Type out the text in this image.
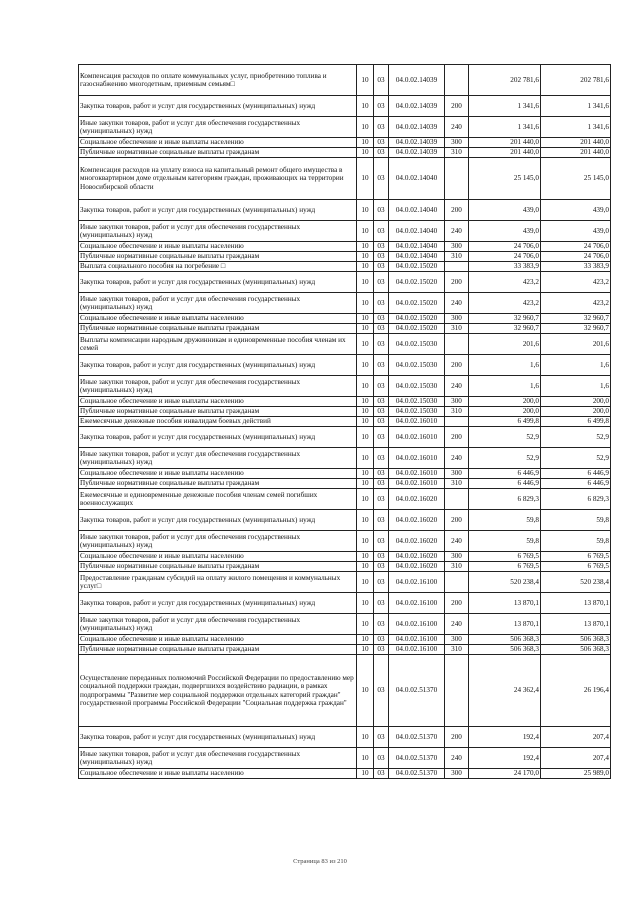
Компенсация расходов по оплате коммунальных услуг, приобретению топлива и газоснабжению многодетным, приемным семьям□	10	03	04.0.02.14039		202 781,6	202 781,6
Закупка товаров, работ и услуг для государственных (муниципальных) нужд	10	03	04.0.02.14039	200	1 341,6	1 341,6
Иные закупки товаров, работ и услуг для обеспечения государственных (муниципальных) нужд	10	03	04.0.02.14039	240	1 341,6	1 341,6
Социальное обеспечение и иные выплаты населению	10	03	04.0.02.14039	300	201 440,0	201 440,0
Публичные нормативные социальные выплаты гражданам	10	03	04.0.02.14039	310	201 440,0	201 440,0
Компенсация расходов на уплату взноса на капитальный ремонт общего имущества в многоквартирном доме отдельным категориям граждан, проживающих на территории Новосибирской области	10	03	04.0.02.14040		25 145,0	25 145,0
Закупка товаров, работ и услуг для государственных (муниципальных) нужд	10	03	04.0.02.14040	200	439,0	439,0
Иные закупки товаров, работ и услуг для обеспечения государственных (муниципальных) нужд	10	03	04.0.02.14040	240	439,0	439,0
Социальное обеспечение и иные выплаты населению	10	03	04.0.02.14040	300	24 706,0	24 706,0
Публичные нормативные социальные выплаты гражданам	10	03	04.0.02.14040	310	24 706,0	24 706,0
Выплата социального пособия на погребение □	10	03	04.0.02.15020		33 383,9	33 383,9
Закупка товаров, работ и услуг для государственных (муниципальных) нужд	10	03	04.0.02.15020	200	423,2	423,2
Иные закупки товаров, работ и услуг для обеспечения государственных (муниципальных) нужд	10	03	04.0.02.15020	240	423,2	423,2
Социальное обеспечение и иные выплаты населению	10	03	04.0.02.15020	300	32 960,7	32 960,7
Публичные нормативные социальные выплаты гражданам	10	03	04.0.02.15020	310	32 960,7	32 960,7
Выплаты компенсации народным дружинникам и единовременные пособия членам их семей	10	03	04.0.02.15030		201,6	201,6
Закупка товаров, работ и услуг для государственных (муниципальных) нужд	10	03	04.0.02.15030	200	1,6	1,6
Иные закупки товаров, работ и услуг для обеспечения государственных (муниципальных) нужд	10	03	04.0.02.15030	240	1,6	1,6
Социальное обеспечение и иные выплаты населению	10	03	04.0.02.15030	300	200,0	200,0
Публичные нормативные социальные выплаты гражданам	10	03	04.0.02.15030	310	200,0	200,0
Ежемесячные денежные пособия инвалидам боевых действий	10	03	04.0.02.16010		6 499,8	6 499,8
Закупка товаров, работ и услуг для государственных (муниципальных) нужд	10	03	04.0.02.16010	200	52,9	52,9
Иные закупки товаров, работ и услуг для обеспечения государственных (муниципальных) нужд	10	03	04.0.02.16010	240	52,9	52,9
Социальное обеспечение и иные выплаты населению	10	03	04.0.02.16010	300	6 446,9	6 446,9
Публичные нормативные социальные выплаты гражданам	10	03	04.0.02.16010	310	6 446,9	6 446,9
Ежемесячные и единовременные денежные пособия членам семей погибших военнослужащих	10	03	04.0.02.16020		6 829,3	6 829,3
Закупка товаров, работ и услуг для государственных (муниципальных) нужд	10	03	04.0.02.16020	200	59,8	59,8
Иные закупки товаров, работ и услуг для обеспечения государственных (муниципальных) нужд	10	03	04.0.02.16020	240	59,8	59,8
Социальное обеспечение и иные выплаты населению	10	03	04.0.02.16020	300	6 769,5	6 769,5
Публичные нормативные социальные выплаты гражданам	10	03	04.0.02.16020	310	6 769,5	6 769,5
Предоставление гражданам субсидий на оплату жилого помещения и коммунальных услуг□	10	03	04.0.02.16100		520 238,4	520 238,4
Закупка товаров, работ и услуг для государственных (муниципальных) нужд	10	03	04.0.02.16100	200	13 870,1	13 870,1
Иные закупки товаров, работ и услуг для обеспечения государственных (муниципальных) нужд	10	03	04.0.02.16100	240	13 870,1	13 870,1
Социальное обеспечение и иные выплаты населению	10	03	04.0.02.16100	300	506 368,3	506 368,3
Публичные нормативные социальные выплаты гражданам	10	03	04.0.02.16100	310	506 368,3	506 368,3
Осуществление переданных полномочий Российской Федерации по предоставлению мер социальной поддержки граждан, подвергшихся воздействию радиации, в рамках подпрограммы "Развитие мер социальной поддержки отдельных категорий граждан" государственной программы Российской Федерации "Социальная поддержка граждан"	10	03	04.0.02.51370		24 362,4	26 196,4
Закупка товаров, работ и услуг для государственных (муниципальных) нужд	10	03	04.0.02.51370	200	192,4	207,4
Иные закупки товаров, работ и услуг для обеспечения государственных (муниципальных) нужд	10	03	04.0.02.51370	240	192,4	207,4
Социальное обеспечение и иные выплаты населению	10	03	04.0.02.51370	300	24 170,0	25 989,0
Страница 83 из 210
